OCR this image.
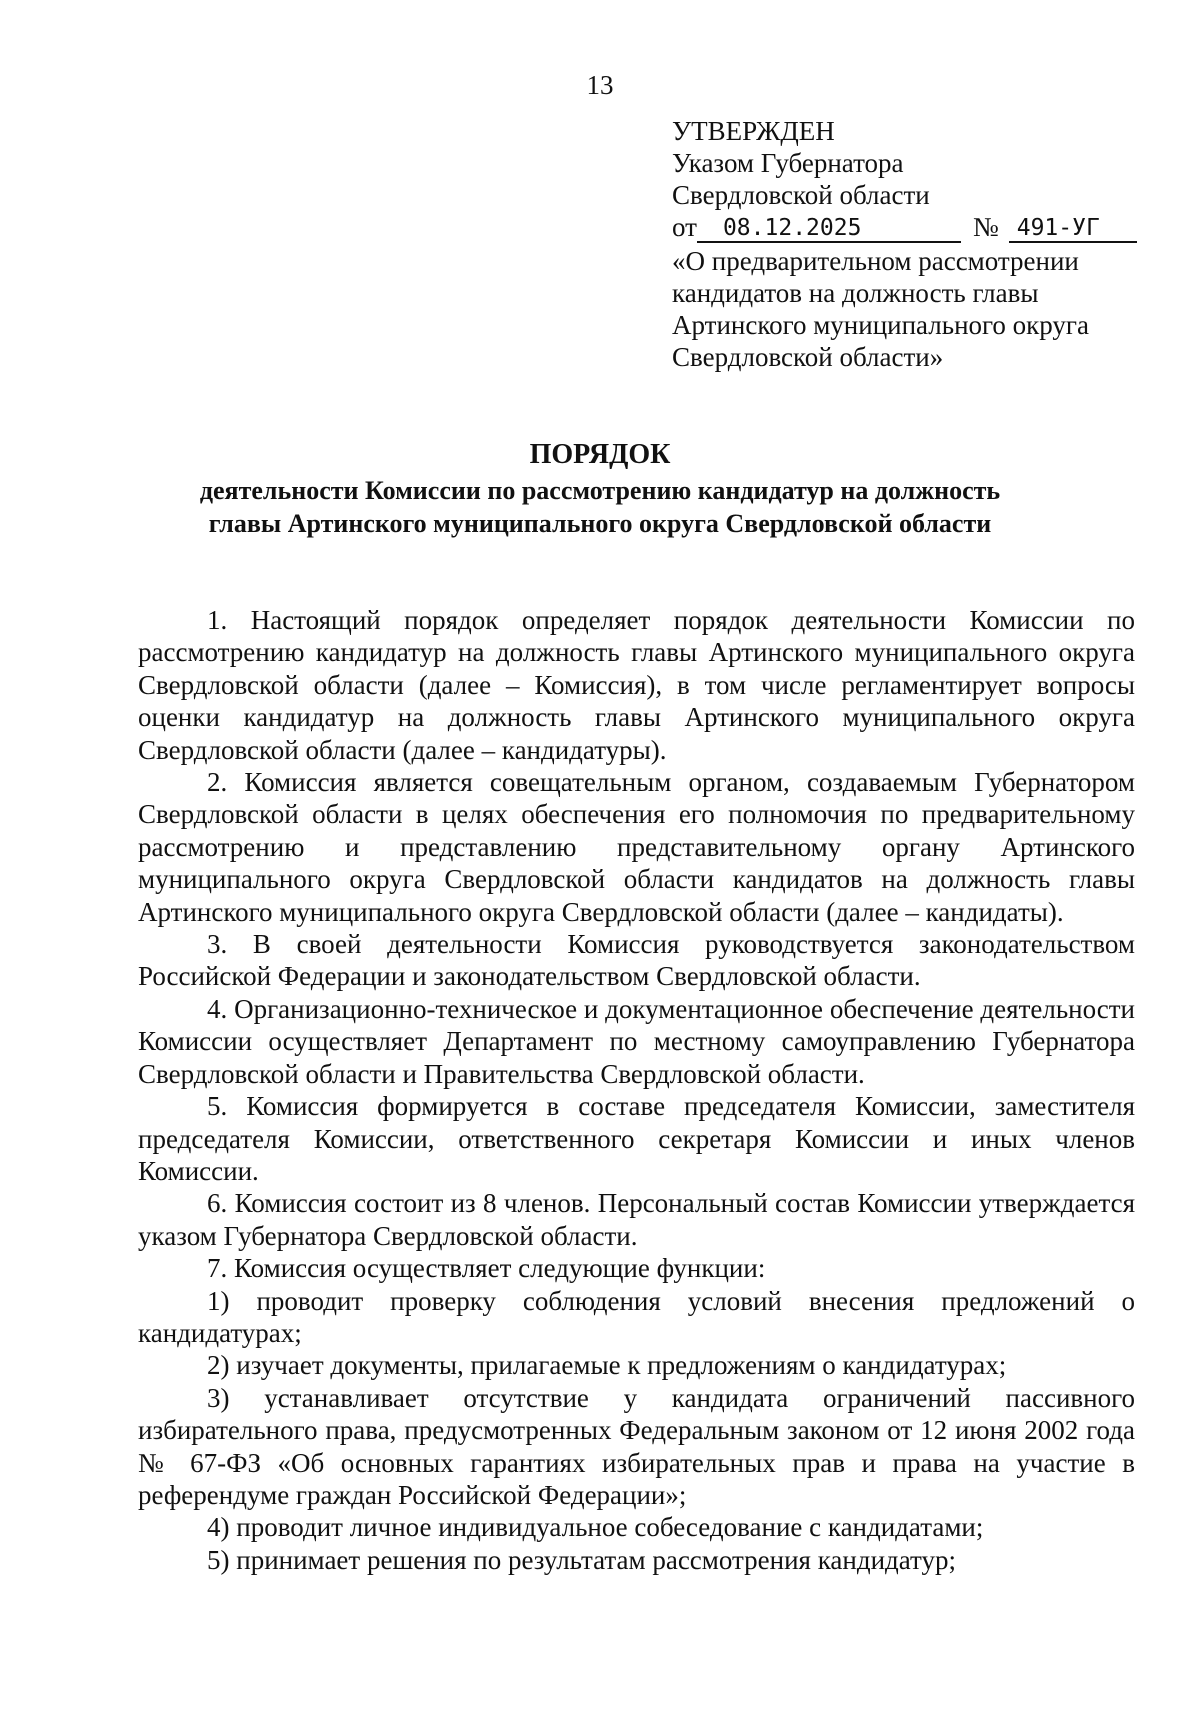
13
УТВЕРЖДЕН
Указом Губернатора
Свердловской области
от 08.12.2025	№ 491-УГ
«О предварительном рассмотрении
кандидатов на должность главы
Артинского муниципального округа
Свердловской области»
ПОРЯДОК
деятельности Комиссии по рассмотрению кандидатур на должность
главы Артинского муниципального округа Свердловской области

1. Настоящий порядок определяет порядок деятельности Комиссии по рассмотрению кандидатур на должность главы Артинского муниципального округа Свердловской области (далее – Комиссия), в том числе регламентирует вопросы оценки кандидатур на должность главы Артинского муниципального округа Свердловской области (далее – кандидатуры).

2. Комиссия является совещательным органом, создаваемым Губернатором Свердловской области в целях обеспечения его полномочия по предварительному рассмотрению и представлению представительному органу Артинского муниципального округа Свердловской области кандидатов на должность главы Артинского муниципального округа Свердловской области (далее – кандидаты).

3. В своей деятельности Комиссия руководствуется законодательством Российской Федерации и законодательством Свердловской области.

4. Организационно-техническое и документационное обеспечение деятельности Комиссии осуществляет Департамент по местному самоуправлению Губернатора Свердловской области и Правительства Свердловской области.

5. Комиссия формируется в составе председателя Комиссии, заместителя председателя Комиссии, ответственного секретаря Комиссии и иных членов Комиссии.

6. Комиссия состоит из 8 членов. Персональный состав Комиссии утверждается указом Губернатора Свердловской области.

7. Комиссия осуществляет следующие функции:

1) проводит проверку соблюдения условий внесения предложений о кандидатурах;

2) изучает документы, прилагаемые к предложениям о кандидатурах;

3) устанавливает отсутствие у кандидата ограничений пассивного избирательного права, предусмотренных Федеральным законом от 12 июня 2002 года № 67-ФЗ «Об основных гарантиях избирательных прав и права на участие в референдуме граждан Российской Федерации»;

4) проводит личное индивидуальное собеседование с кандидатами;

5) принимает решения по результатам рассмотрения кандидатур;
